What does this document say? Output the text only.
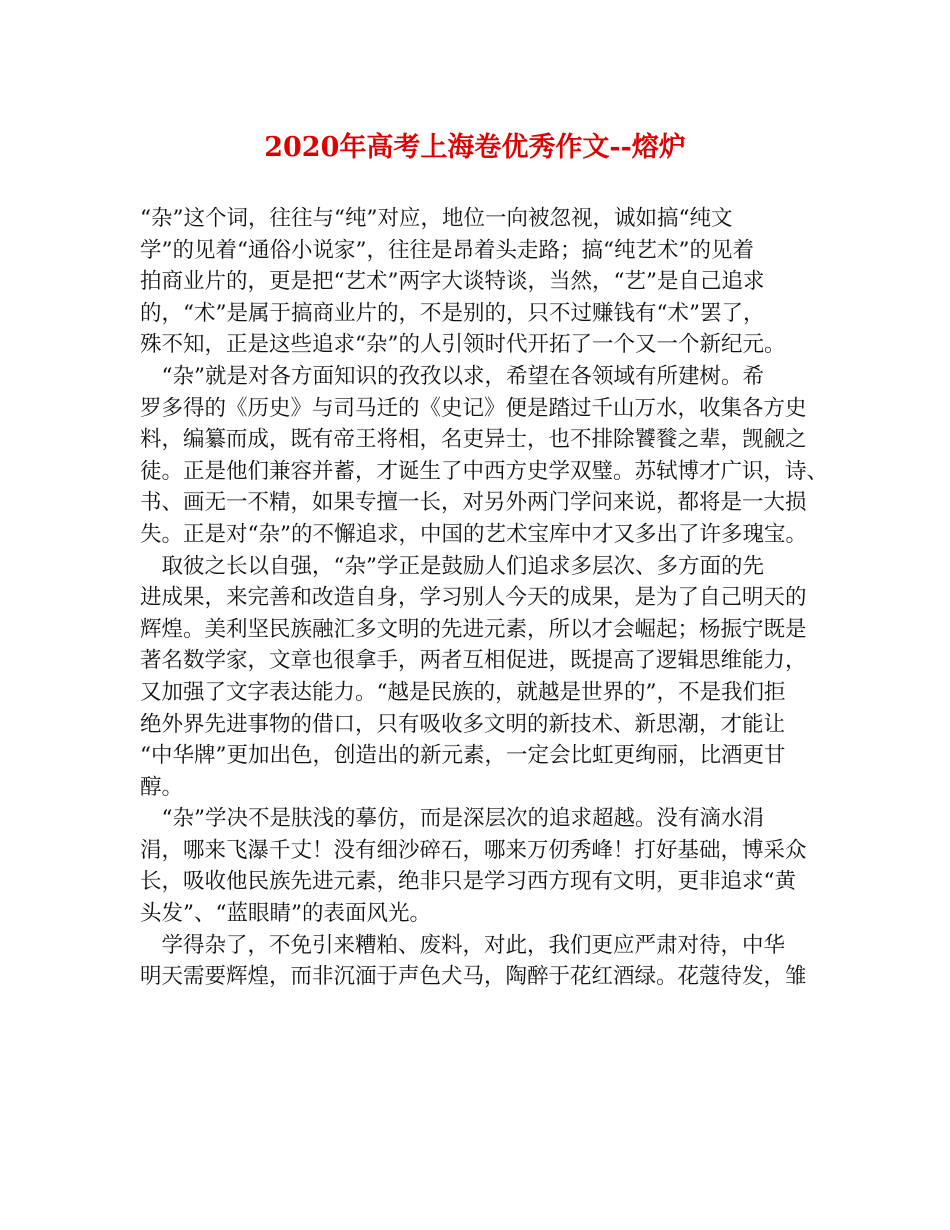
2020年高考上海卷优秀作文--熔炉
“杂”这个词，往往与“纯”对应，地位一向被忽视，诚如搞“纯文
学”的见着“通俗小说家”，往往是昂着头走路；搞“纯艺术”的见着
拍商业片的，更是把“艺术”两字大谈特谈，当然，“艺”是自己追求
的，“术”是属于搞商业片的，不是别的，只不过赚钱有“术”罢了，
殊不知，正是这些追求“杂”的人引领时代开拓了一个又一个新纪元。
　“杂”就是对各方面知识的孜孜以求，希望在各领域有所建树。希
罗多得的《历史》与司马迁的《史记》便是踏过千山万水，收集各方史
料，编纂而成，既有帝王将相，名吏异士，也不排除饕餮之辈，觊觎之
徒。正是他们兼容并蓄，才诞生了中西方史学双璧。苏轼博才广识，诗、
书、画无一不精，如果专擅一长，对另外两门学问来说，都将是一大损
失。正是对“杂”的不懈追求，中国的艺术宝库中才又多出了许多瑰宝。
　取彼之长以自强，“杂”学正是鼓励人们追求多层次、多方面的先
进成果，来完善和改造自身，学习别人今天的成果，是为了自己明天的
辉煌。美利坚民族融汇多文明的先进元素，所以才会崛起；杨振宁既是
著名数学家，文章也很拿手，两者互相促进，既提高了逻辑思维能力，
又加强了文字表达能力。“越是民族的，就越是世界的”，不是我们拒
绝外界先进事物的借口，只有吸收多文明的新技术、新思潮，才能让
“中华牌”更加出色，创造出的新元素，一定会比虹更绚丽，比酒更甘
醇。
　“杂”学决不是肤浅的摹仿，而是深层次的追求超越。没有滴水涓
涓，哪来飞瀑千丈！没有细沙碎石，哪来万仞秀峰！打好基础，博采众
长，吸收他民族先进元素，绝非只是学习西方现有文明，更非追求“黄
头发”、“蓝眼睛”的表面风光。
　学得杂了，不免引来糟粕、废料，对此，我们更应严肃对待，中华
明天需要辉煌，而非沉湎于声色犬马，陶醉于花红酒绿。花蔻待发，雏
